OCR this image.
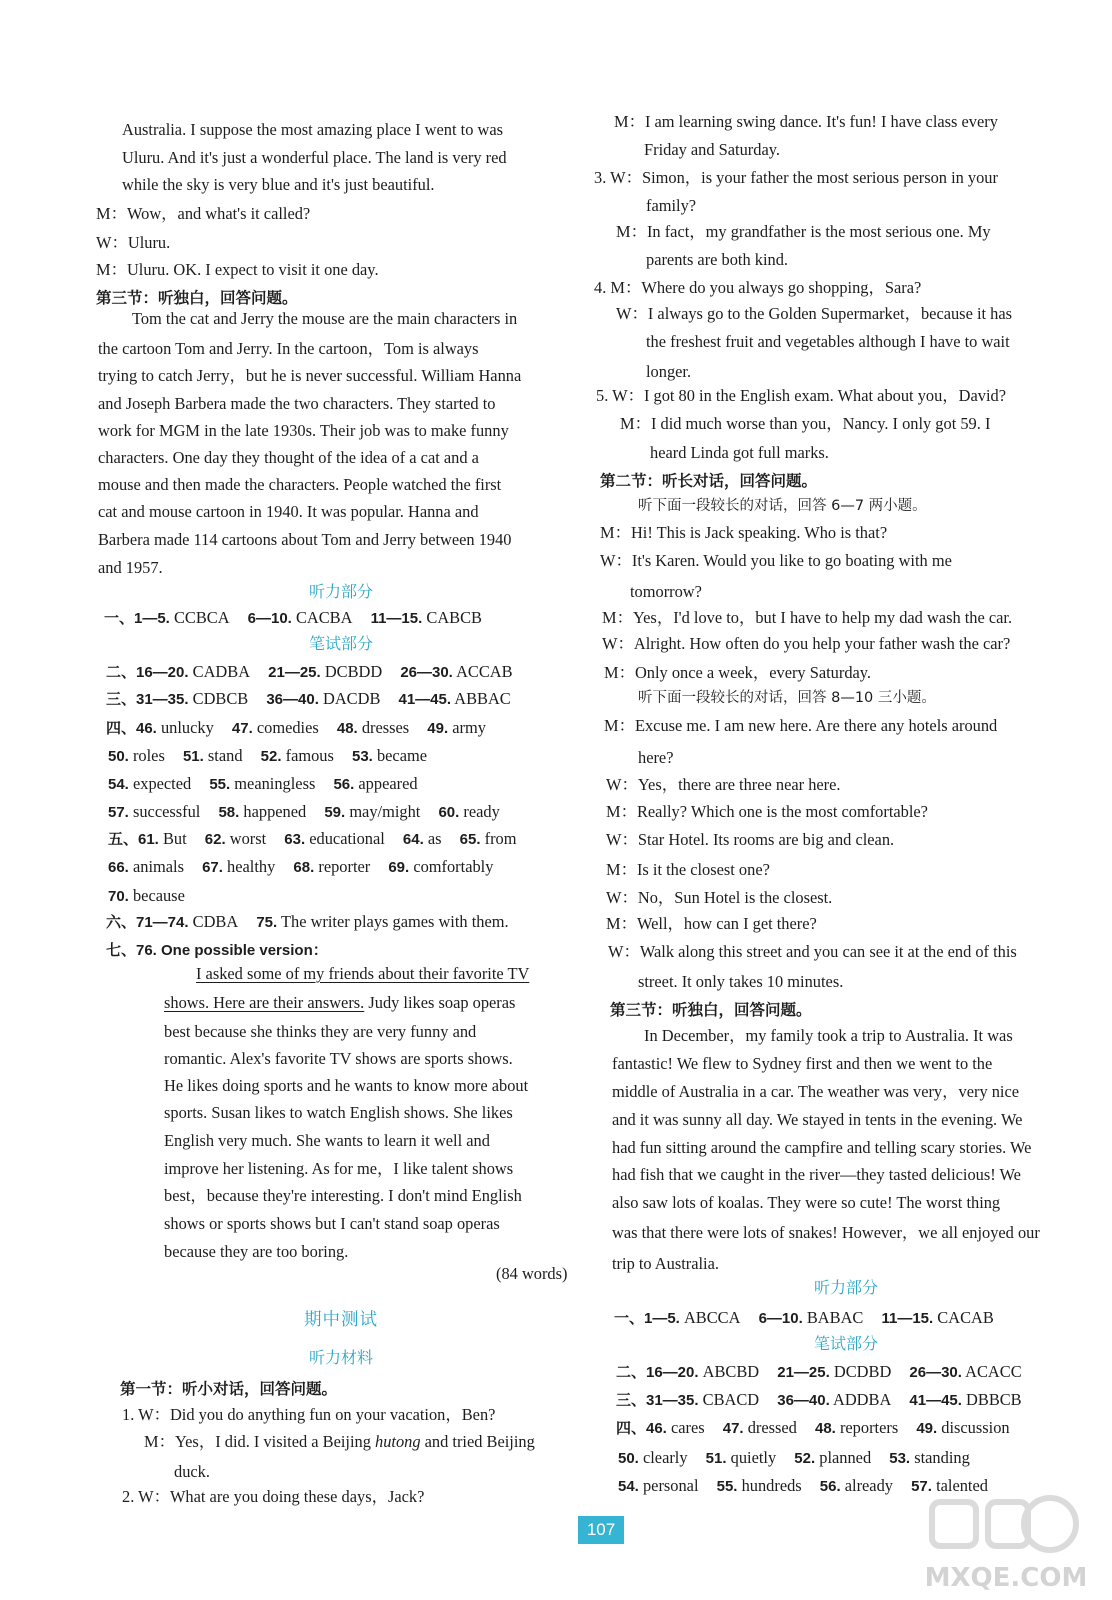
Australia. I suppose the most amazing place I went to was
Uluru. And it's just a wonderful place. The land is very red
while the sky is very blue and it's just beautiful.
M：Wow，and what's it called?
W：Uluru.
M：Uluru. OK. I expect to visit it one day.
第三节：听独白，回答问题。
Tom the cat and Jerry the mouse are the main characters in
the cartoon Tom and Jerry. In the cartoon，Tom is always
trying to catch Jerry，but he is never successful. William Hanna
and Joseph Barbera made the two characters. They started to
work for MGM in the late 1930s. Their job was to make funny
characters. One day they thought of the idea of a cat and a
mouse and then made the characters. People watched the first
cat and mouse cartoon in 1940. It was popular. Hanna and
Barbera made 114 cartoons about Tom and Jerry between 1940
and 1957.
听力部分
一、1—5. CCBCA 6—10. CACBA 11—15. CABCB
笔试部分
二、16—20. CADBA 21—25. DCBDD 26—30. ACCAB
三、31—35. CDBCB 36—40. DACDB 41—45. ABBAC
四、46. unlucky 47. comedies 48. dresses 49. army
50. roles 51. stand 52. famous 53. became
54. expected 55. meaningless 56. appeared
57. successful 58. happened 59. may/might 60. ready
五、61. But 62. worst 63. educational 64. as 65. from
66. animals 67. healthy 68. reporter 69. comfortably
70. because
六、71—74. CDBA 75. The writer plays games with them.
七、76. One possible version：
I asked some of my friends about their favorite TV
shows. Here are their answers. Judy likes soap operas
best because she thinks they are very funny and
romantic. Alex's favorite TV shows are sports shows.
He likes doing sports and he wants to know more about
sports. Susan likes to watch English shows. She likes
English very much. She wants to learn it well and
improve her listening. As for me，I like talent shows
best，because they're interesting. I don't mind English
shows or sports shows but I can't stand soap operas
because they are too boring.
(84 words)
期中测试
听力材料
第一节：听小对话，回答问题。
1. W：Did you do anything fun on your vacation，Ben?
M：Yes，I did. I visited a Beijing hutong and tried Beijing
duck.
2. W：What are you doing these days，Jack?
M：I am learning swing dance. It's fun! I have class every
Friday and Saturday.
3. W：Simon，is your father the most serious person in your
family?
M：In fact，my grandfather is the most serious one. My
parents are both kind.
4. M：Where do you always go shopping，Sara?
W：I always go to the Golden Supermarket，because it has
the freshest fruit and vegetables although I have to wait
longer.
5. W：I got 80 in the English exam. What about you，David?
M：I did much worse than you，Nancy. I only got 59. I
heard Linda got full marks.
第二节：听长对话，回答问题。
听下面一段较长的对话，回答 6—7 两小题。
M：Hi! This is Jack speaking. Who is that?
W：It's Karen. Would you like to go boating with me
tomorrow?
M：Yes，I'd love to，but I have to help my dad wash the car.
W：Alright. How often do you help your father wash the car?
M：Only once a week，every Saturday.
听下面一段较长的对话，回答 8—10 三小题。
M：Excuse me. I am new here. Are there any hotels around
here?
W：Yes，there are three near here.
M：Really? Which one is the most comfortable?
W：Star Hotel. Its rooms are big and clean.
M：Is it the closest one?
W：No，Sun Hotel is the closest.
M：Well，how can I get there?
W：Walk along this street and you can see it at the end of this
street. It only takes 10 minutes.
第三节：听独白，回答问题。
In December，my family took a trip to Australia. It was
fantastic! We flew to Sydney first and then we went to the
middle of Australia in a car. The weather was very，very nice
and it was sunny all day. We stayed in tents in the evening. We
had fun sitting around the campfire and telling scary stories. We
had fish that we caught in the river—they tasted delicious! We
also saw lots of koalas. They were so cute! The worst thing
was that there were lots of snakes! However，we all enjoyed our
trip to Australia.
听力部分
一、1—5. ABCCA 6—10. BABAC 11—15. CACAB
笔试部分
二、16—20. ABCBD 21—25. DCDBD 26—30. ACACC
三、31—35. CBACD 36—40. ADDBA 41—45. DBBCB
四、46. cares 47. dressed 48. reporters 49. discussion
50. clearly 51. quietly 52. planned 53. standing
54. personal 55. hundreds 56. already 57. talented
107
MXQE.COM
